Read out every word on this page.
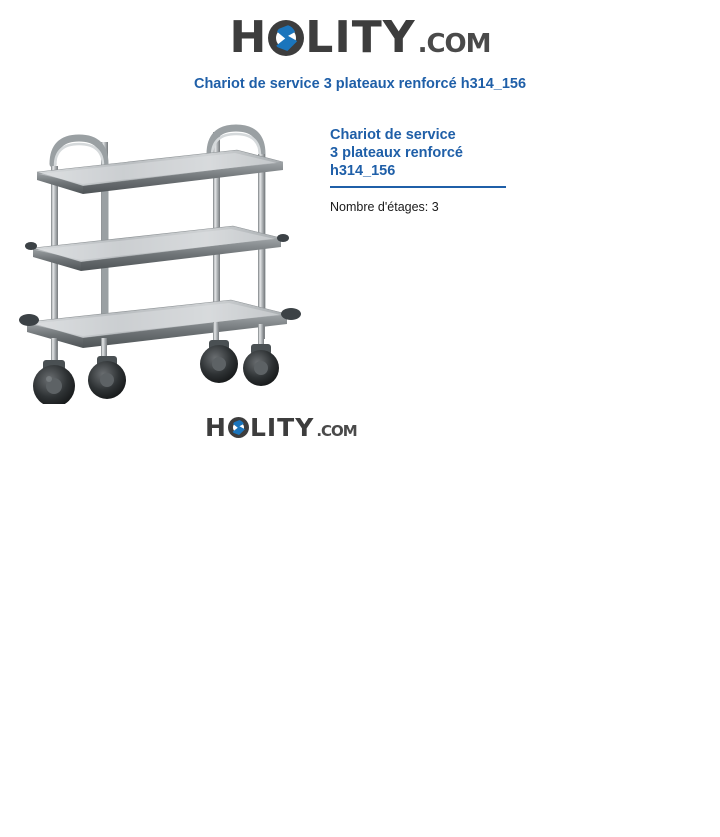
H LITY .COM
Chariot de service 3 plateaux renforcé h314_156
Chariot de service
3 plateaux renforcé
h314_156
Nombre d'étages: 3
H LITY .COM
